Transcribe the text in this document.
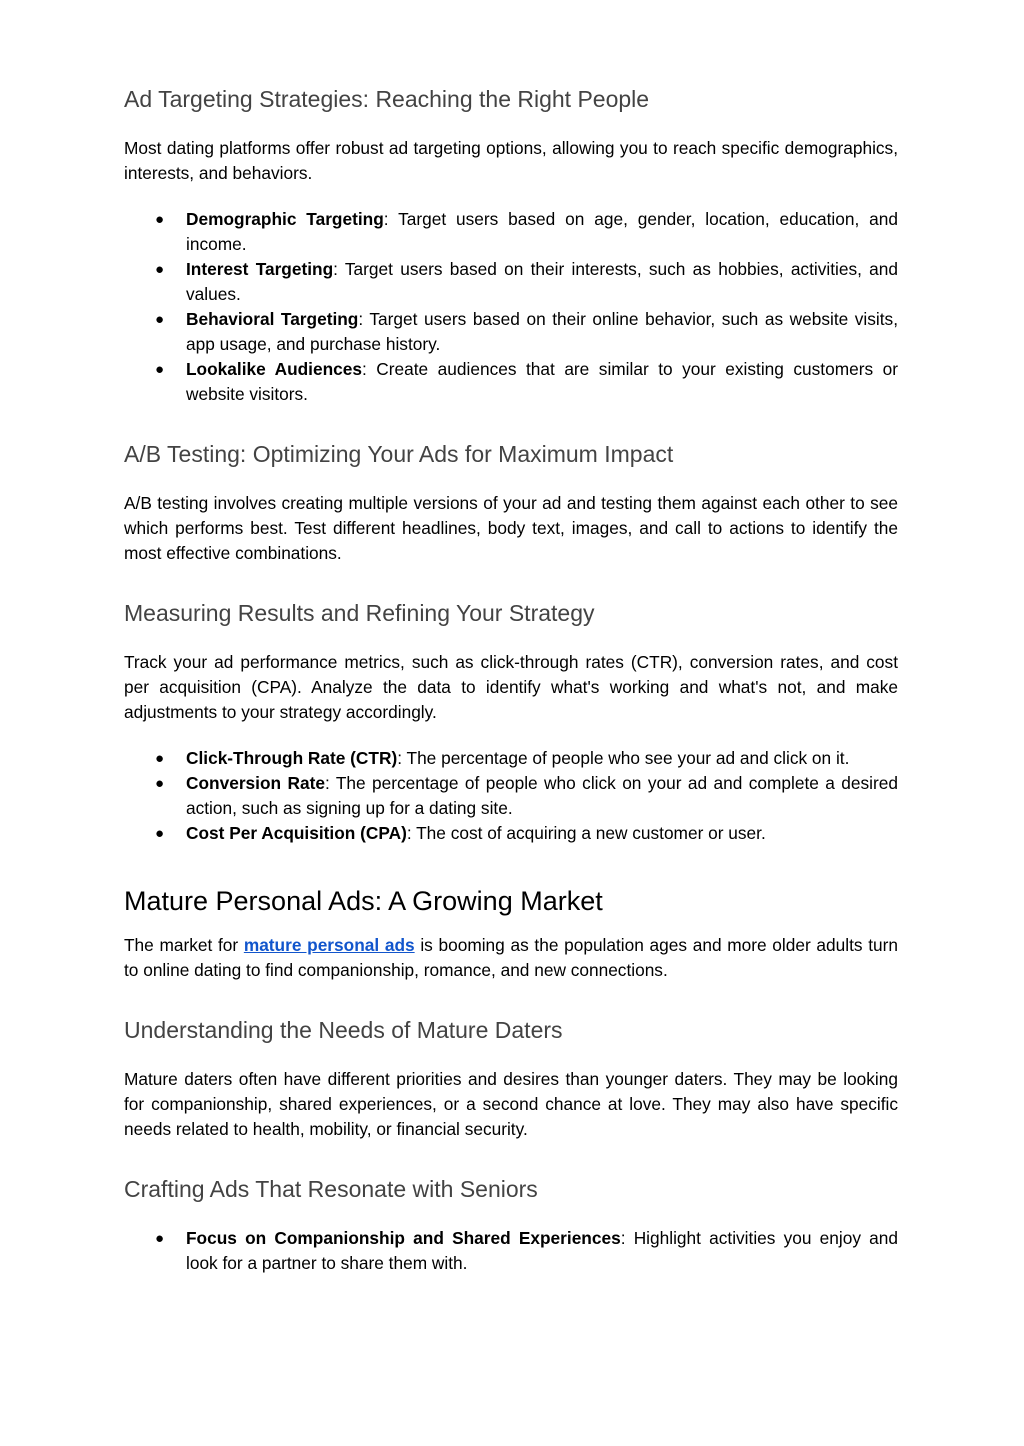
Ad Targeting Strategies: Reaching the Right People

Most dating platforms offer robust ad targeting options, allowing you to reach specific demographics, interests, and behaviors.

● Demographic Targeting: Target users based on age, gender, location, education, and income.
● Interest Targeting: Target users based on their interests, such as hobbies, activities, and values.
● Behavioral Targeting: Target users based on their online behavior, such as website visits, app usage, and purchase history.
● Lookalike Audiences: Create audiences that are similar to your existing customers or website visitors.
A/B Testing: Optimizing Your Ads for Maximum Impact

A/B testing involves creating multiple versions of your ad and testing them against each other to see which performs best. Test different headlines, body text, images, and call to actions to identify the most effective combinations.

Measuring Results and Refining Your Strategy

Track your ad performance metrics, such as click-through rates (CTR), conversion rates, and cost per acquisition (CPA). Analyze the data to identify what's working and what's not, and make adjustments to your strategy accordingly.

● Click-Through Rate (CTR): The percentage of people who see your ad and click on it.
● Conversion Rate: The percentage of people who click on your ad and complete a desired action, such as signing up for a dating site.
● Cost Per Acquisition (CPA): The cost of acquiring a new customer or user.
Mature Personal Ads: A Growing Market

The market for mature personal ads is booming as the population ages and more older adults turn to online dating to find companionship, romance, and new connections.

Understanding the Needs of Mature Daters

Mature daters often have different priorities and desires than younger daters. They may be looking for companionship, shared experiences, or a second chance at love. They may also have specific needs related to health, mobility, or financial security.

Crafting Ads That Resonate with Seniors
● Focus on Companionship and Shared Experiences: Highlight activities you enjoy and look for a partner to share them with.
